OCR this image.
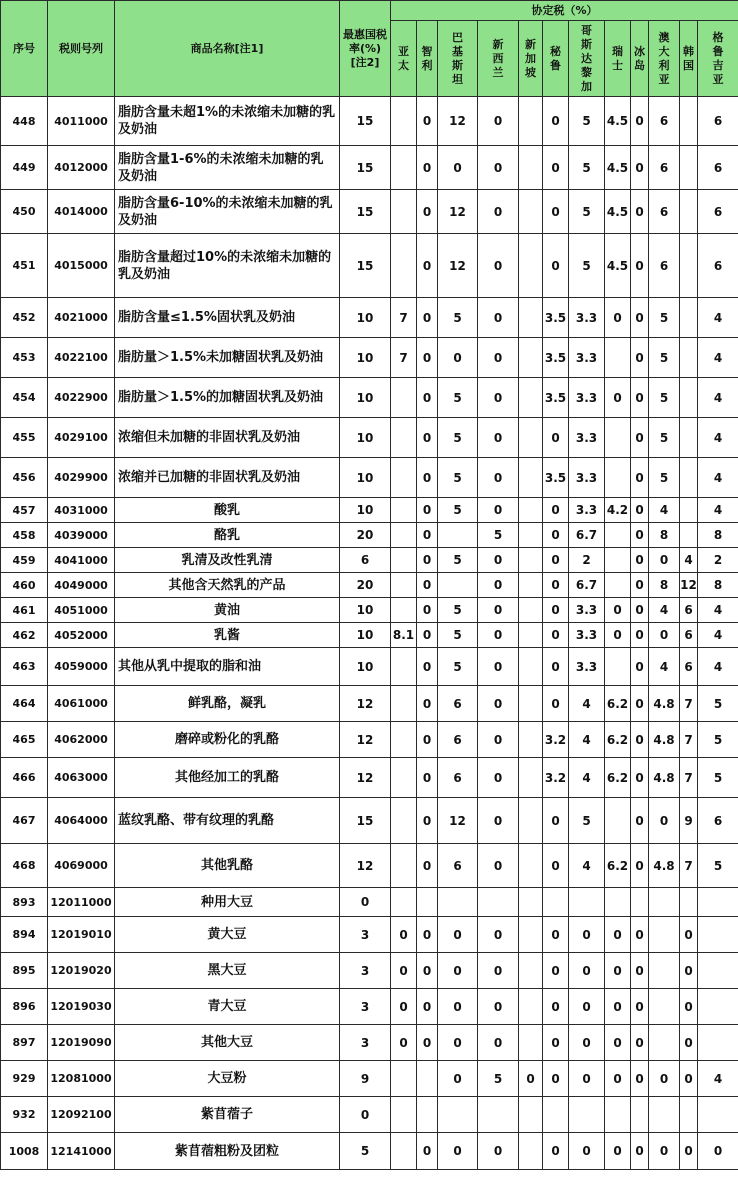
序号	税则号列	商品名称[注1]	最惠国税率(%)[注2]	协定税（%）											
				亚太	智利	巴基斯坦	新西兰	新加坡	秘鲁	哥斯达黎加	瑞士	冰岛	澳大利亚	韩国	格鲁吉亚
448	4011000	脂肪含量未超1%的未浓缩未加糖的乳及奶油	15		0	12	0		0	5	4.5	0	6		6
449	4012000	脂肪含量1-6%的未浓缩未加糖的乳及奶油	15		0	0	0		0	5	4.5	0	6		6
450	4014000	脂肪含量6-10%的未浓缩未加糖的乳及奶油	15		0	12	0		0	5	4.5	0	6		6
451	4015000	脂肪含量超过10%的未浓缩未加糖的乳及奶油	15		0	12	0		0	5	4.5	0	6		6
452	4021000	脂肪含量≤1.5%固状乳及奶油	10	7	0	5	0		3.5	3.3	0	0	5		4
453	4022100	脂肪量＞1.5%未加糖固状乳及奶油	10	7	0	0	0		3.5	3.3		0	5		4
454	4022900	脂肪量＞1.5%的加糖固状乳及奶油	10		0	5	0		3.5	3.3	0	0	5		4
455	4029100	浓缩但未加糖的非固状乳及奶油	10		0	5	0		0	3.3		0	5		4
456	4029900	浓缩并已加糖的非固状乳及奶油	10		0	5	0		3.5	3.3		0	5		4
457	4031000	酸乳	10		0	5	0		0	3.3	4.2	0	4		4
458	4039000	酪乳	20		0		5		0	6.7		0	8		8
459	4041000	乳清及改性乳清	6		0	5	0		0	2		0	0	4	2
460	4049000	其他含天然乳的产品	20		0		0		0	6.7		0	8	12	8
461	4051000	黄油	10		0	5	0		0	3.3	0	0	4	6	4
462	4052000	乳酱	10	8.1	0	5	0		0	3.3	0	0	0	6	4
463	4059000	其他从乳中提取的脂和油	10		0	5	0		0	3.3		0	4	6	4
464	4061000	鲜乳酪，凝乳	12		0	6	0		0	4	6.2	0	4.8	7	5
465	4062000	磨碎或粉化的乳酪	12		0	6	0		3.2	4	6.2	0	4.8	7	5
466	4063000	其他经加工的乳酪	12		0	6	0		3.2	4	6.2	0	4.8	7	5
467	4064000	蓝纹乳酪、带有纹理的乳酪	15		0	12	0		0	5		0	0	9	6
468	4069000	其他乳酪	12		0	6	0		0	4	6.2	0	4.8	7	5
893	12011000	种用大豆	0												
894	12019010	黄大豆	3	0	0	0	0		0	0	0	0		0	
895	12019020	黑大豆	3	0	0	0	0		0	0	0	0		0	
896	12019030	青大豆	3	0	0	0	0		0	0	0	0		0	
897	12019090	其他大豆	3	0	0	0	0		0	0	0	0		0	
929	12081000	大豆粉	9			0	5	0	0	0	0	0	0	0	4
932	12092100	紫苜蓿子	0												
1008	12141000	紫苜蓿粗粉及团粒	5		0	0	0		0	0	0	0	0	0	0
